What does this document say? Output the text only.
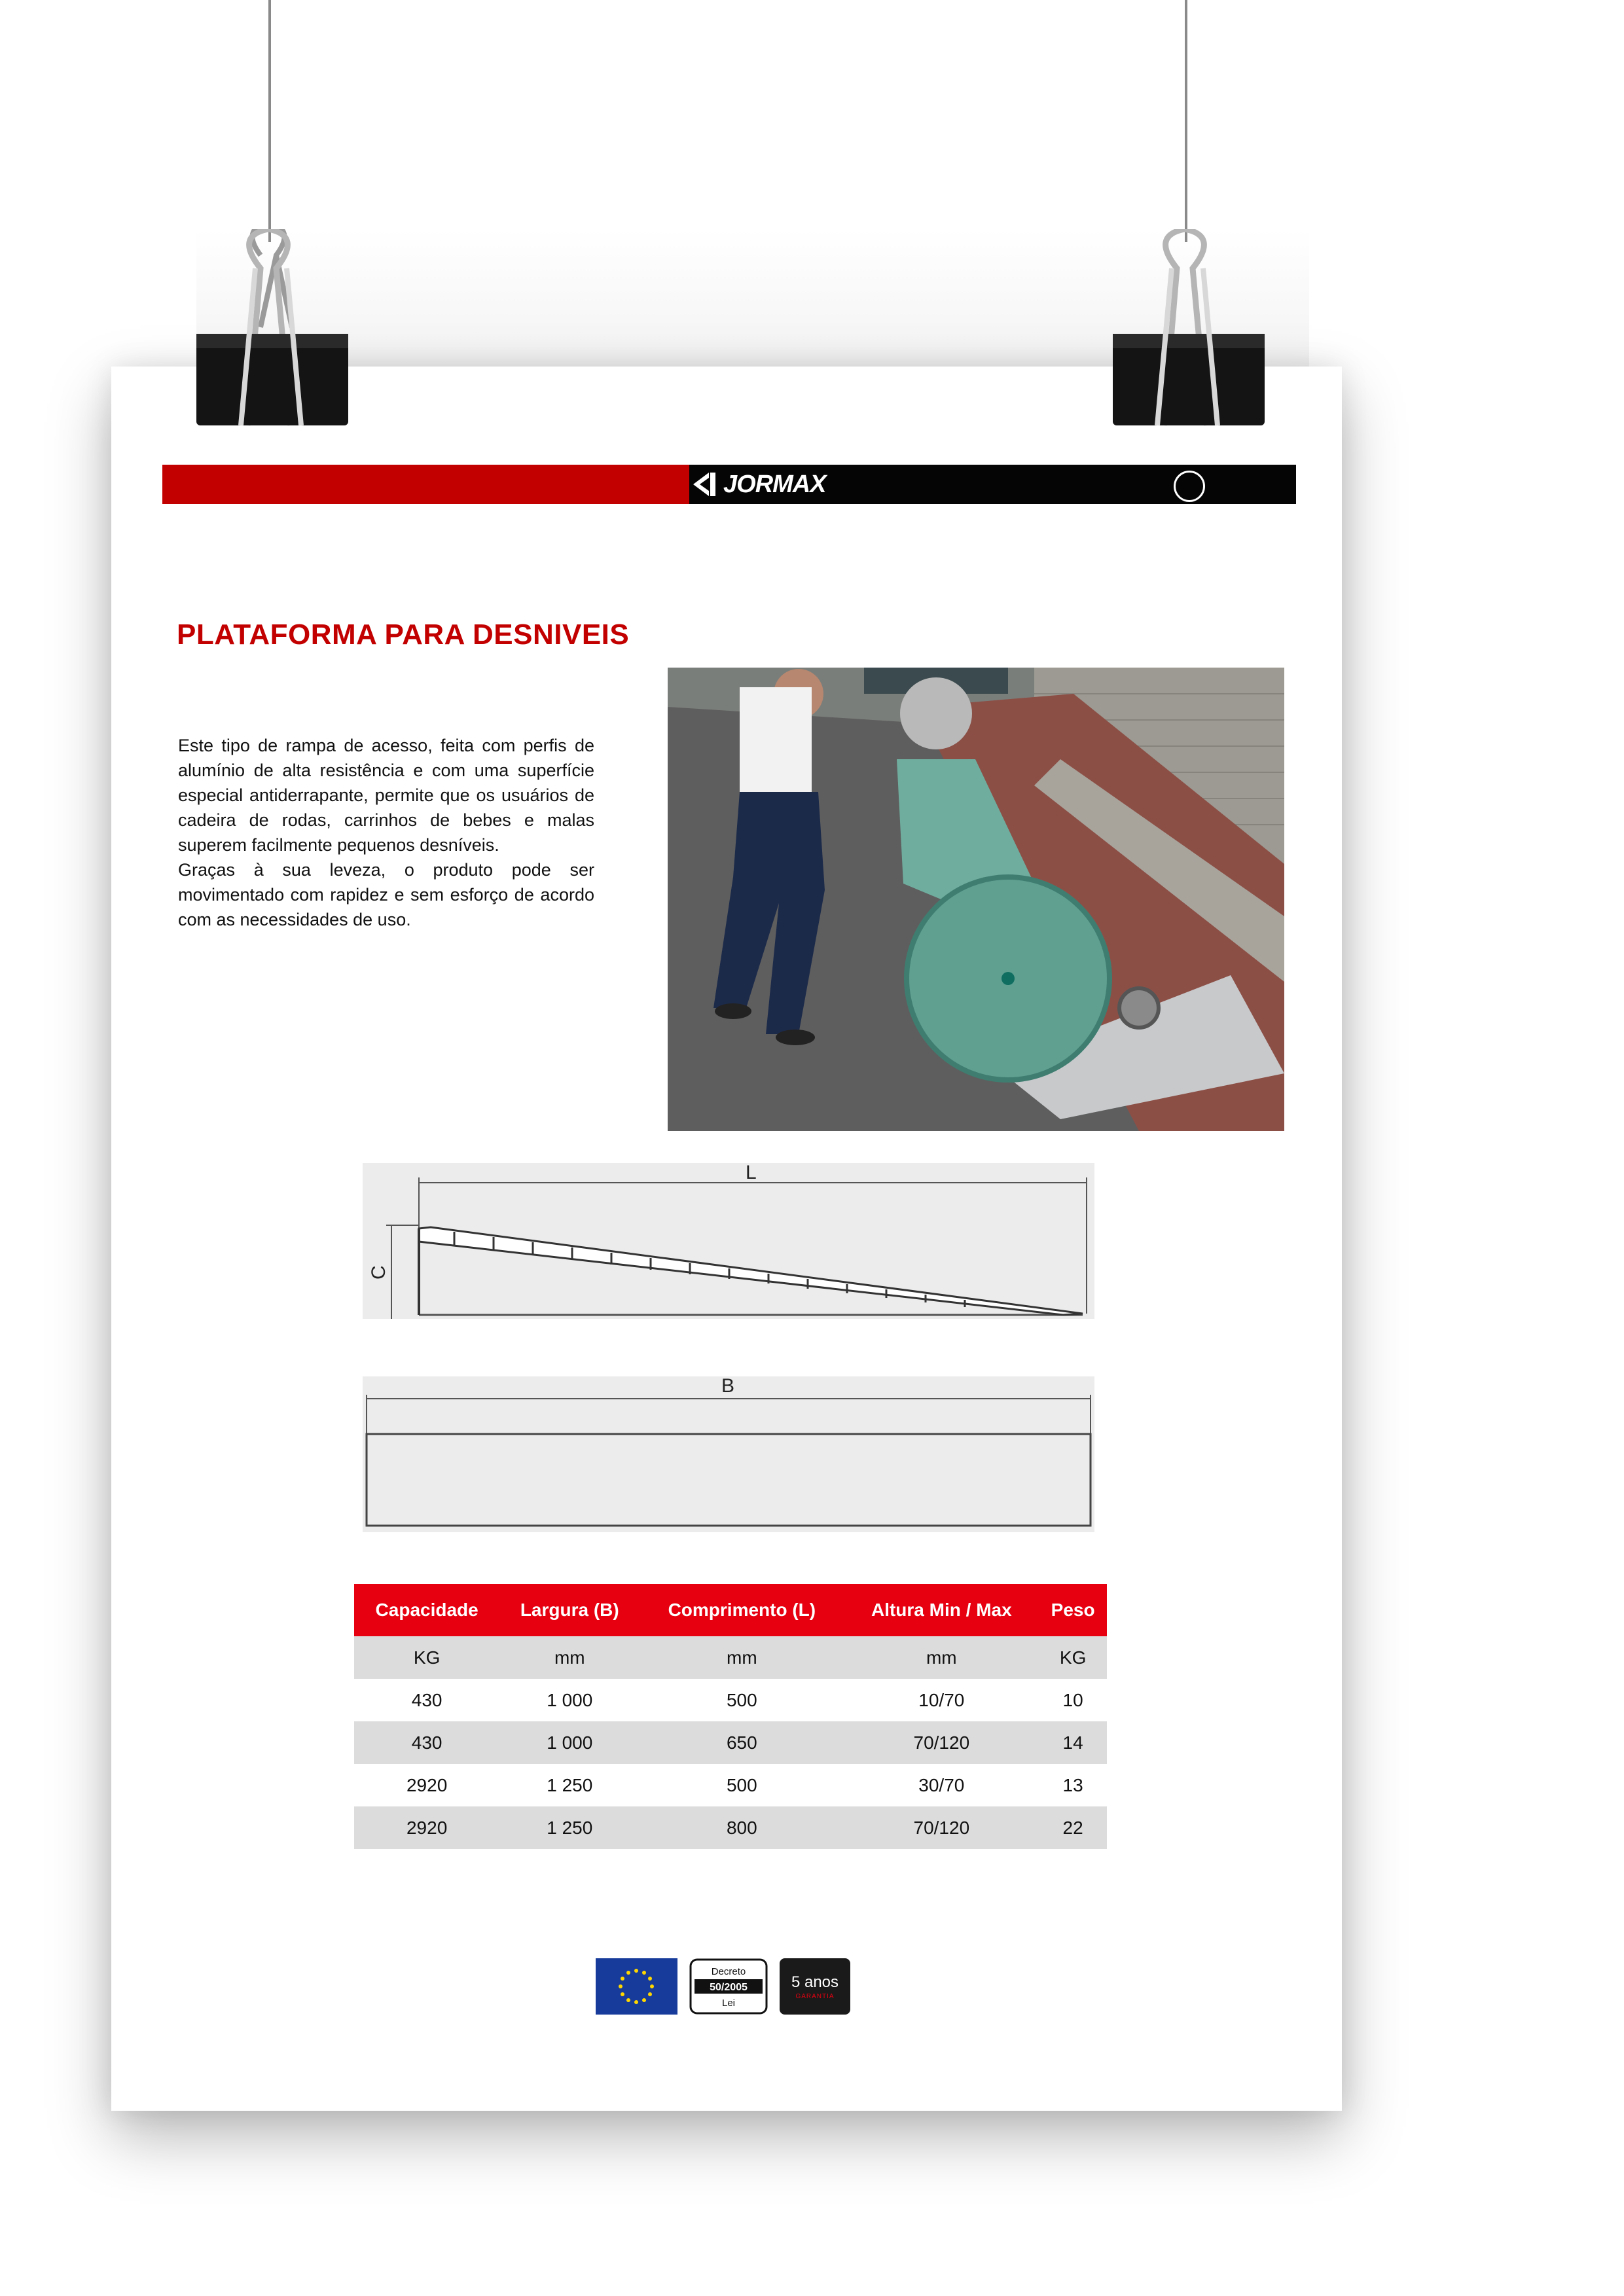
JORMAX
PLATAFORMA PARA DESNIVEIS

Este tipo de rampa de acesso, feita com perfis de alumínio de alta resistência e com uma superfície especial antiderrapante, permite que os usuários de cadeira de rodas, carrinhos de bebes e malas superem facilmente pequenos desníveis.

Graças à sua leveza, o produto pode ser movimentado com rapidez e sem esforço de acordo com as necessidades de uso.

L
C
B
Capacidade	Largura (B)	Comprimento (L)	Altura Min / Max	Peso
KG	mm	mm	mm	KG
430	1 000	500	10/70	10
430	1 000	650	70/120	14
2920	1 250	500	30/70	13
2920	1 250	800	70/120	22
Decreto
50/2005
Lei
5 anos
GARANTIA
